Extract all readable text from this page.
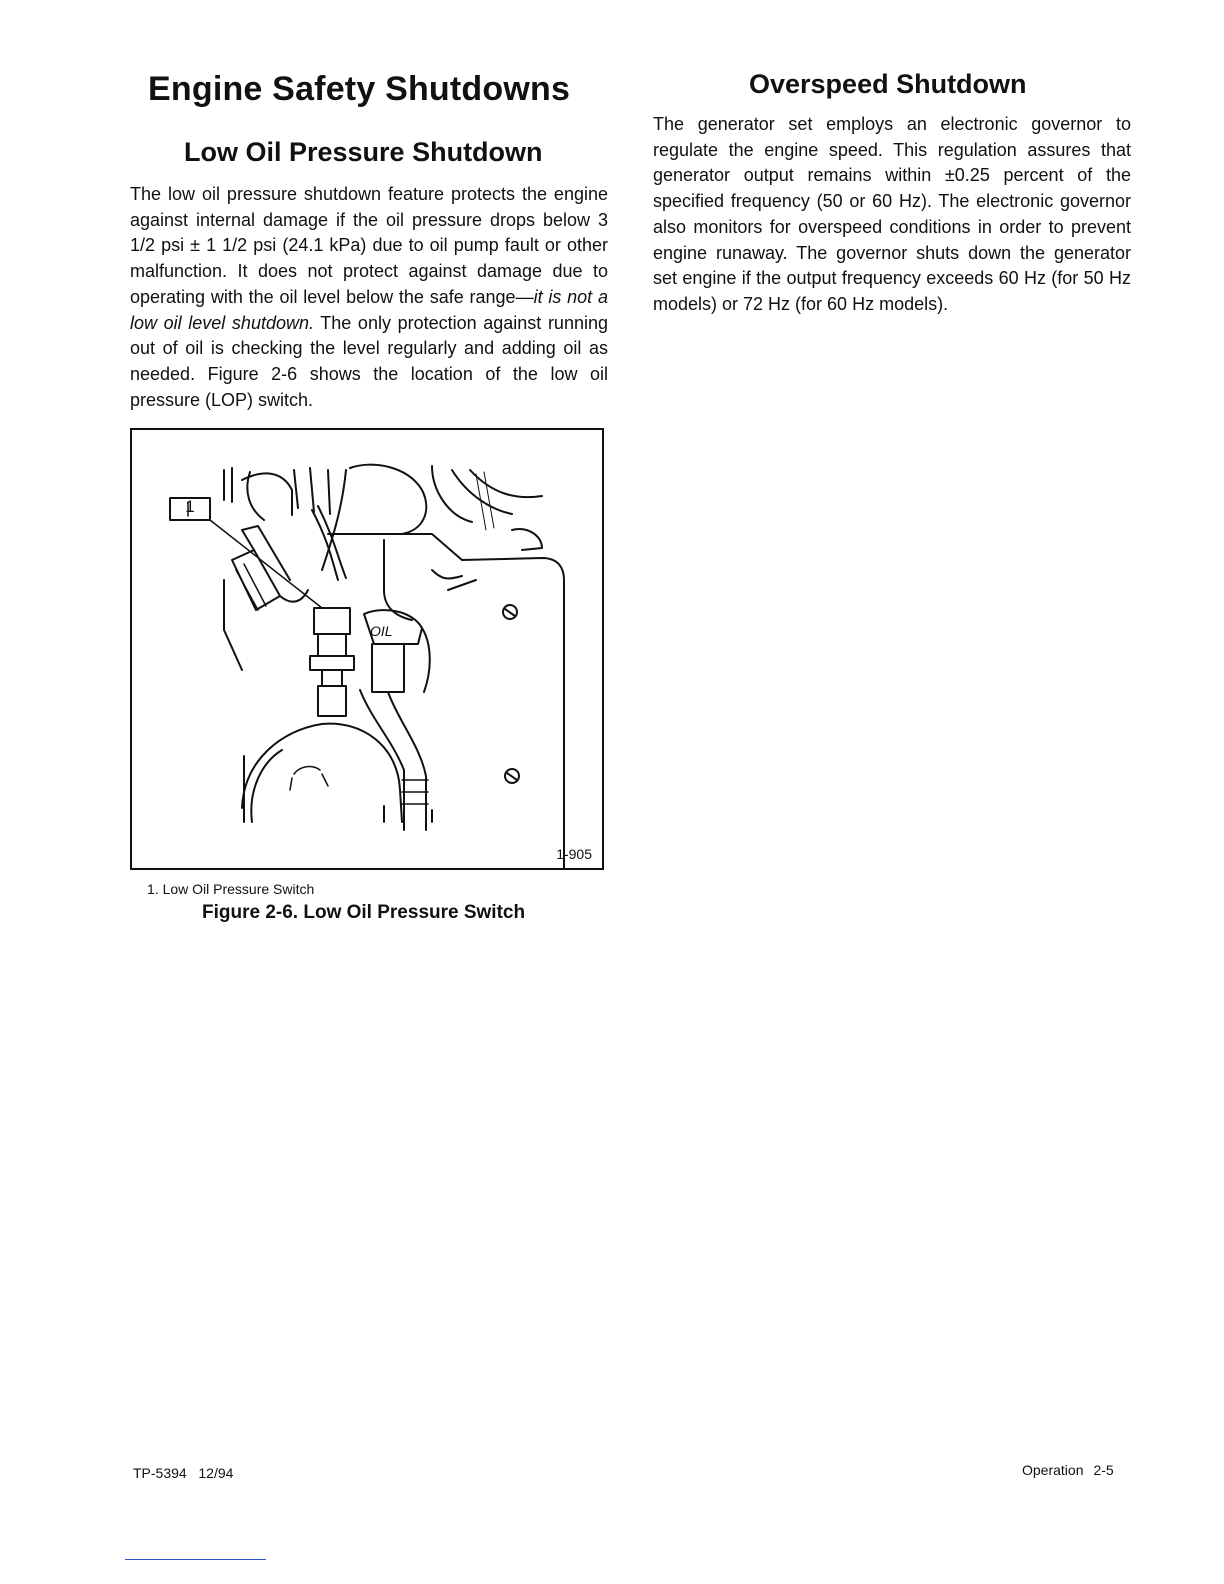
Engine Safety Shutdowns
Low Oil Pressure Shutdown

The low oil pressure shutdown feature protects the engine against internal damage if the oil pressure drops below 3 1/2 psi ± 1 1/2 psi (24.1 kPa) due to oil pump fault or other malfunction. It does not protect against damage due to operating with the oil level below the safe range—it is not a low oil level shutdown. The only protection against running out of oil is checking the level regularly and adding oil as needed. Figure 2-6 shows the location of the low oil pressure (LOP) switch.

OIL
1
1-905
1. Low Oil Pressure Switch
Figure 2-6. Low Oil Pressure Switch
Overspeed Shutdown

The generator set employs an electronic governor to regulate the engine speed. This regulation assures that generator output remains within ±0.25 percent of the specified frequency (50 or 60 Hz). The electronic governor also monitors for overspeed conditions in order to prevent engine runaway. The governor shuts down the generator set engine if the output frequency exceeds 60 Hz (for 50 Hz models) or 72 Hz (for 60 Hz models).

TP-5394   12/94	Operation 2-5
